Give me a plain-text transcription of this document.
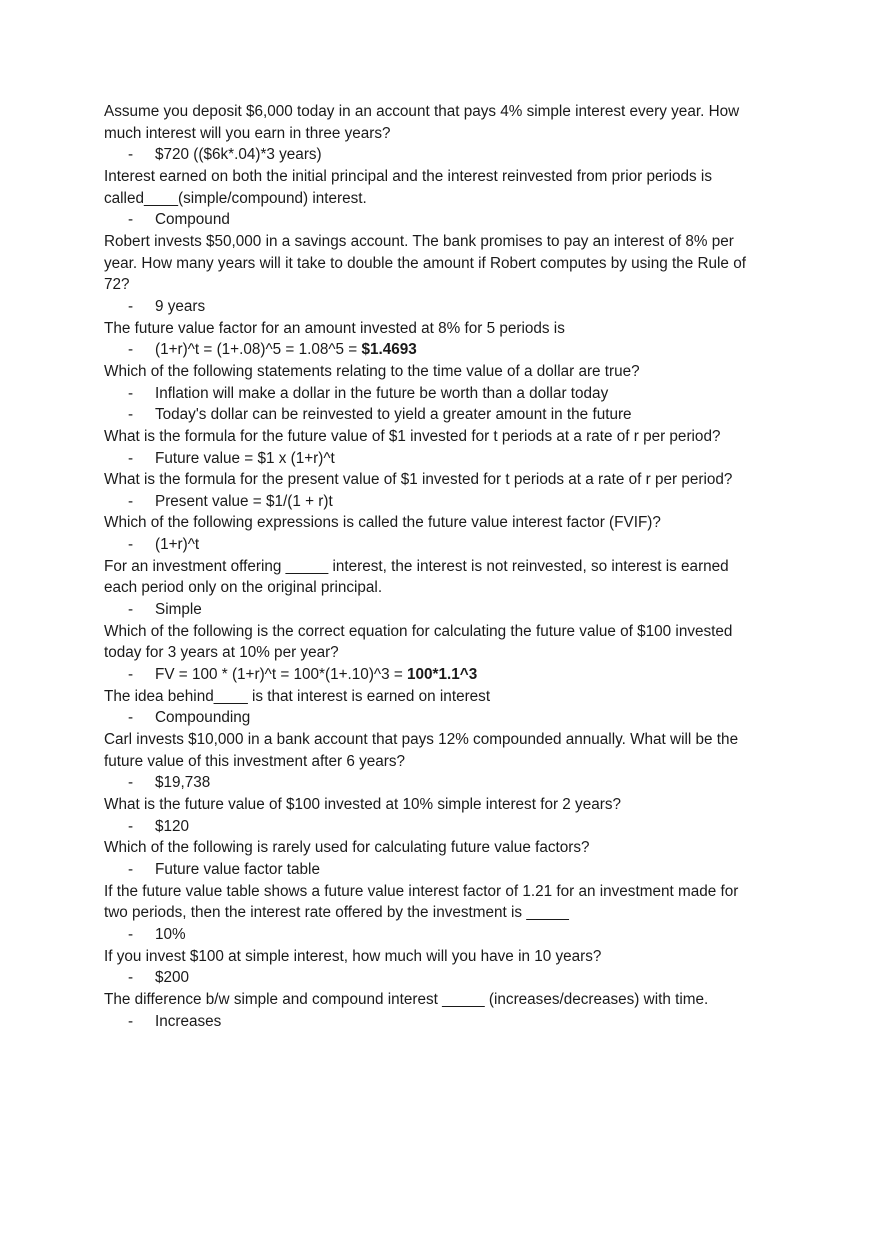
Assume you deposit $6,000 today in an account that pays 4% simple interest every year. How

much interest will you earn in three years?

-	$720 (($6k*.04)*3 years)

Interest earned on both the initial principal and the interest reinvested from prior periods is

called____(simple/compound) interest.

-	Compound

Robert invests $50,000 in a savings account. The bank promises to pay an interest of 8% per

year. How many years will it take to double the amount if Robert computes by using the Rule of

72?

-	9 years

The future value factor for an amount invested at 8% for 5 periods is

-	(1+r)^t = (1+.08)^5 = 1.08^5 = $1.4693

Which of the following statements relating to the time value of a dollar are true?

-	Inflation will make a dollar in the future be worth than a dollar today
-	Today's dollar can be reinvested to yield a greater amount in the future

What is the formula for the future value of $1 invested for t periods at a rate of r per period?

-	Future value = $1 x (1+r)^t

What is the formula for the present value of $1 invested for t periods at a rate of r per period?

-	Present value = $1/(1 + r)t

Which of the following expressions is called the future value interest factor (FVIF)?

-	(1+r)^t

For an investment offering _____ interest, the interest is not reinvested, so interest is earned

each period only on the original principal.

-	Simple

Which of the following is the correct equation for calculating the future value of $100 invested

today for 3 years at 10% per year?

-	FV = 100 * (1+r)^t = 100*(1+.10)^3 = 100*1.1^3

The idea behind____ is that interest is earned on interest

-	Compounding

Carl invests $10,000 in a bank account that pays 12% compounded annually. What will be the

future value of this investment after 6 years?

-	$19,738

What is the future value of $100 invested at 10% simple interest for 2 years?

-	$120

Which of the following is rarely used for calculating future value factors?

-	Future value factor table

If the future value table shows a future value interest factor of 1.21 for an investment made for

two periods, then the interest rate offered by the investment is _____

-	10%

If you invest $100 at simple interest, how much will you have in 10 years?

-	$200

The difference b/w simple and compound interest _____ (increases/decreases) with time.

-	Increases
